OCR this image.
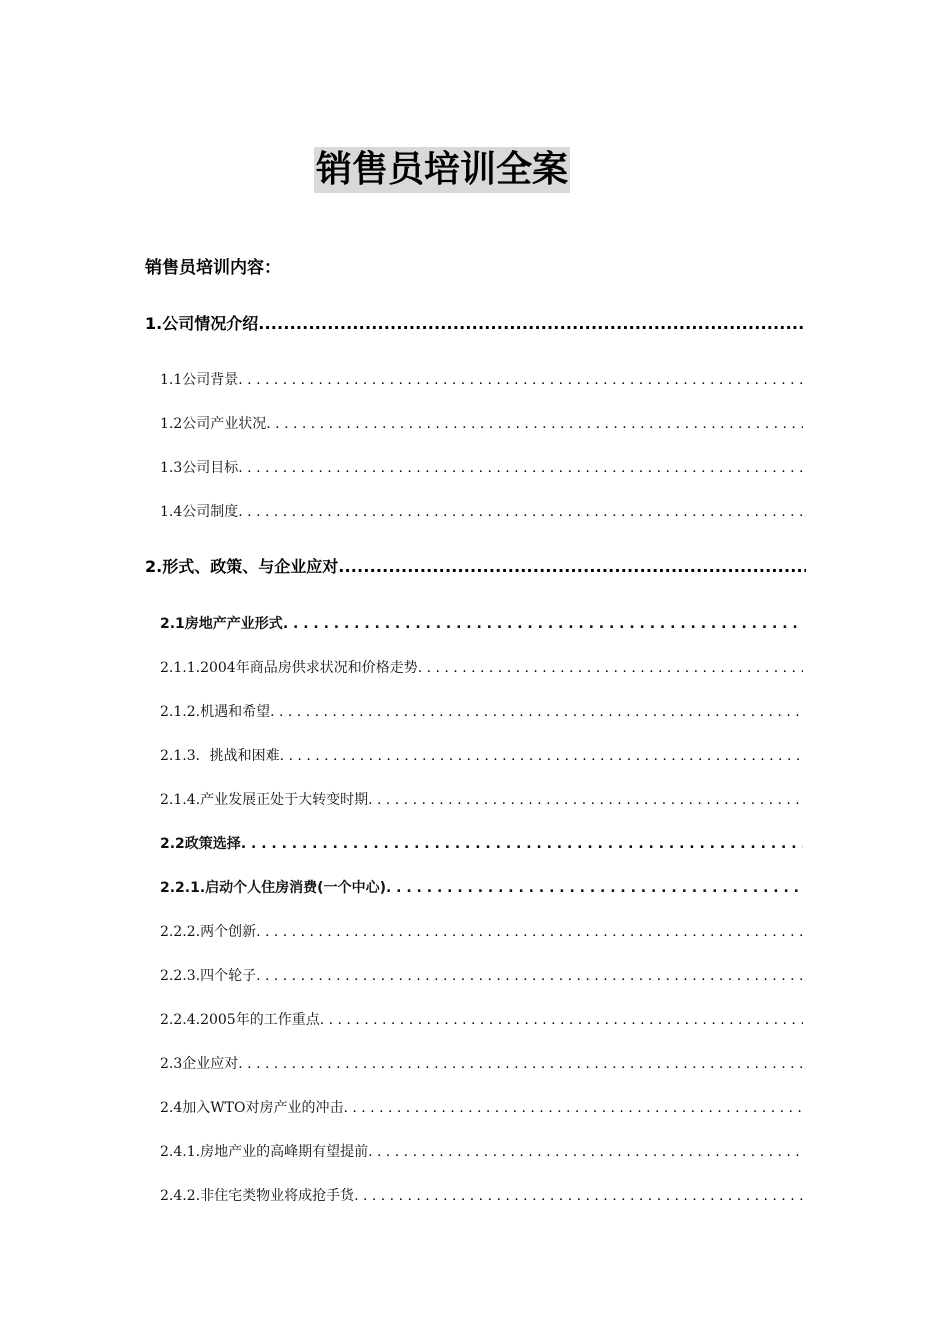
销售员培训全案
销售员培训内容：
1.公司情况介绍
.....
1.1公司背景
. . .
1.2公司产业状况
. . .
1.3公司目标
. . .
1.4公司制度
. . .
2.形式、政策、与企业应对
.....
2.1房地产产业形式
. . .
2.1.1.2004年商品房供求状况和价格走势
. . .
2.1.2.机遇和希望
. . .
2.1.3．挑战和困难
. . .
2.1.4.产业发展正处于大转变时期
. . .
2.2政策选择
. . .
2.2.1.启动个人住房消费(一个中心)
. . .
2.2.2.两个创新
. . .
2.2.3.四个轮子
. . .
2.2.4.2005年的工作重点
. . .
2.3企业应对
. . .
2.4加入WTO对房产业的冲击
. . .
2.4.1.房地产业的高峰期有望提前
. . .
2.4.2.非住宅类物业将成抢手货
. . .
